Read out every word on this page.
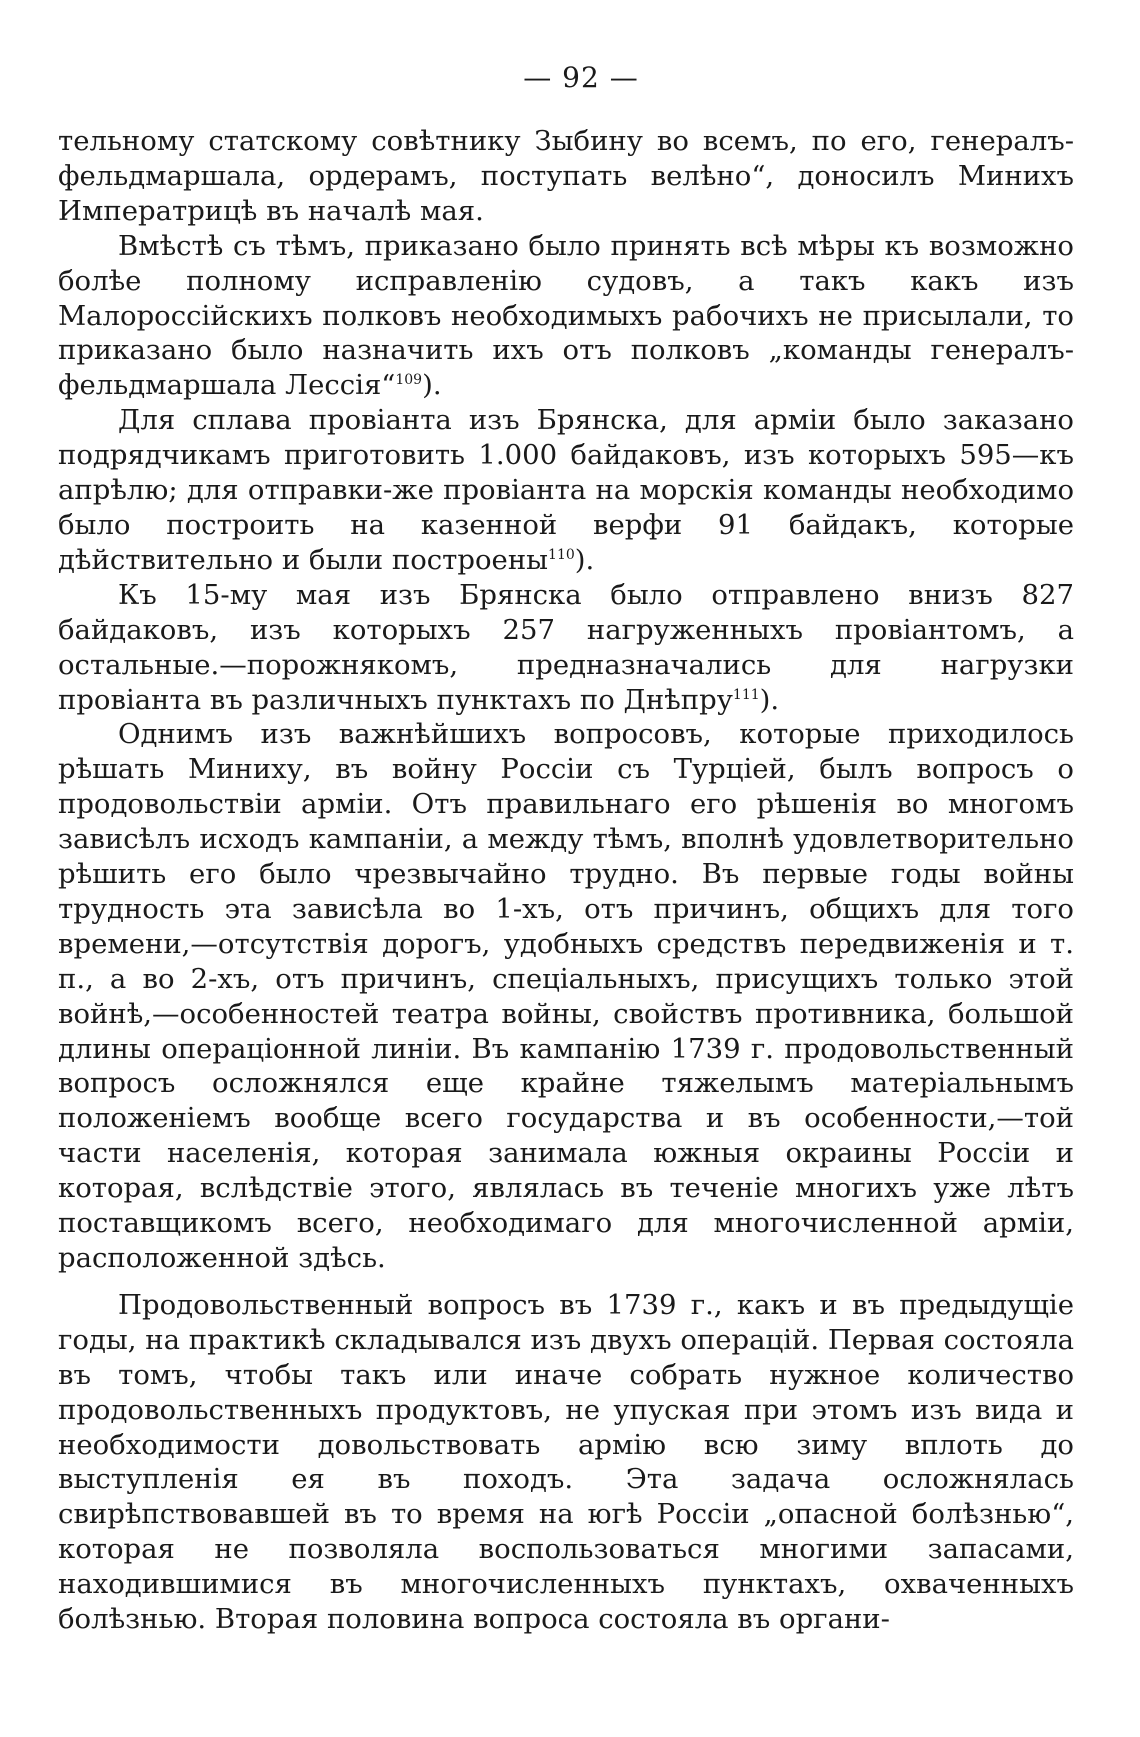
— 92 —

тельному статскому совѣтнику Зыбину во всемъ, по его, генералъ-фельдмаршала, ордерамъ, поступать велѣно“, доносилъ Минихъ Императрицѣ въ началѣ мая.

Вмѣстѣ съ тѣмъ, приказано было принять всѣ мѣры къ возможно болѣе полному исправленію судовъ, а такъ какъ изъ Малороссійскихъ полковъ необходимыхъ рабочихъ не присылали, то приказано было назначить ихъ отъ полковъ „команды генералъ-фельдмаршала Лессія“$^{109}$).

Для сплава провіанта изъ Брянска, для арміи было заказано подрядчикамъ приготовить 1.000 байдаковъ, изъ которыхъ 595—къ апрѣлю; для отправки-же провіанта на морскія команды необходимо было построить на казенной верфи 91 байдакъ, которые дѣйствительно и были построены$^{110}$).

Къ 15-му мая изъ Брянска было отправлено внизъ 827 байдаковъ, изъ которыхъ 257 нагруженныхъ провіантомъ, а остальные.—порожнякомъ, предназначались для нагрузки провіанта въ различныхъ пунктахъ по Днѣпру$^{111}$).

Однимъ изъ важнѣйшихъ вопросовъ, которые приходилось рѣшать Миниху, въ войну Россіи съ Турціей, былъ вопросъ о продовольствіи арміи. Отъ правильнаго его рѣшенія во многомъ зависѣлъ исходъ кампаніи, а между тѣмъ, вполнѣ удовлетворительно рѣшить его было чрезвычайно трудно. Въ первые годы войны трудность эта зависѣла во 1-хъ, отъ причинъ, общихъ для того времени,—отсутствія дорогъ, удобныхъ средствъ передвиженія и т. п., а во 2-хъ, отъ причинъ, спеціальныхъ, присущихъ только этой войнѣ,—особенностей театра войны, свойствъ противника, большой длины операціонной линіи. Въ кампанію 1739 г. продовольственный вопросъ осложнялся еще крайне тяжелымъ матеріальнымъ положеніемъ вообще всего государства и въ особенности,—той части населенія, которая занимала южныя окраины Россіи и которая, вслѣдствіе этого, являлась въ теченіе многихъ уже лѣтъ поставщикомъ всего, необходимаго для многочисленной арміи, расположенной здѣсь.

Продовольственный вопросъ въ 1739 г., какъ и въ предыдущіе годы, на практикѣ складывался изъ двухъ операцій. Первая состояла въ томъ, чтобы такъ или иначе собрать нужное количество продовольственныхъ продуктовъ, не упуская при этомъ изъ вида и необходимости довольствовать армію всю зиму вплоть до выступленія ея въ походъ. Эта задача осложнялась свирѣпствовавшей въ то время на югѣ Россіи „опасной болѣзнью“, которая не позволяла воспользоваться многими запасами, находившимися въ многочисленныхъ пунктахъ, охваченныхъ болѣзнью. Вторая половина вопроса состояла въ органи-
